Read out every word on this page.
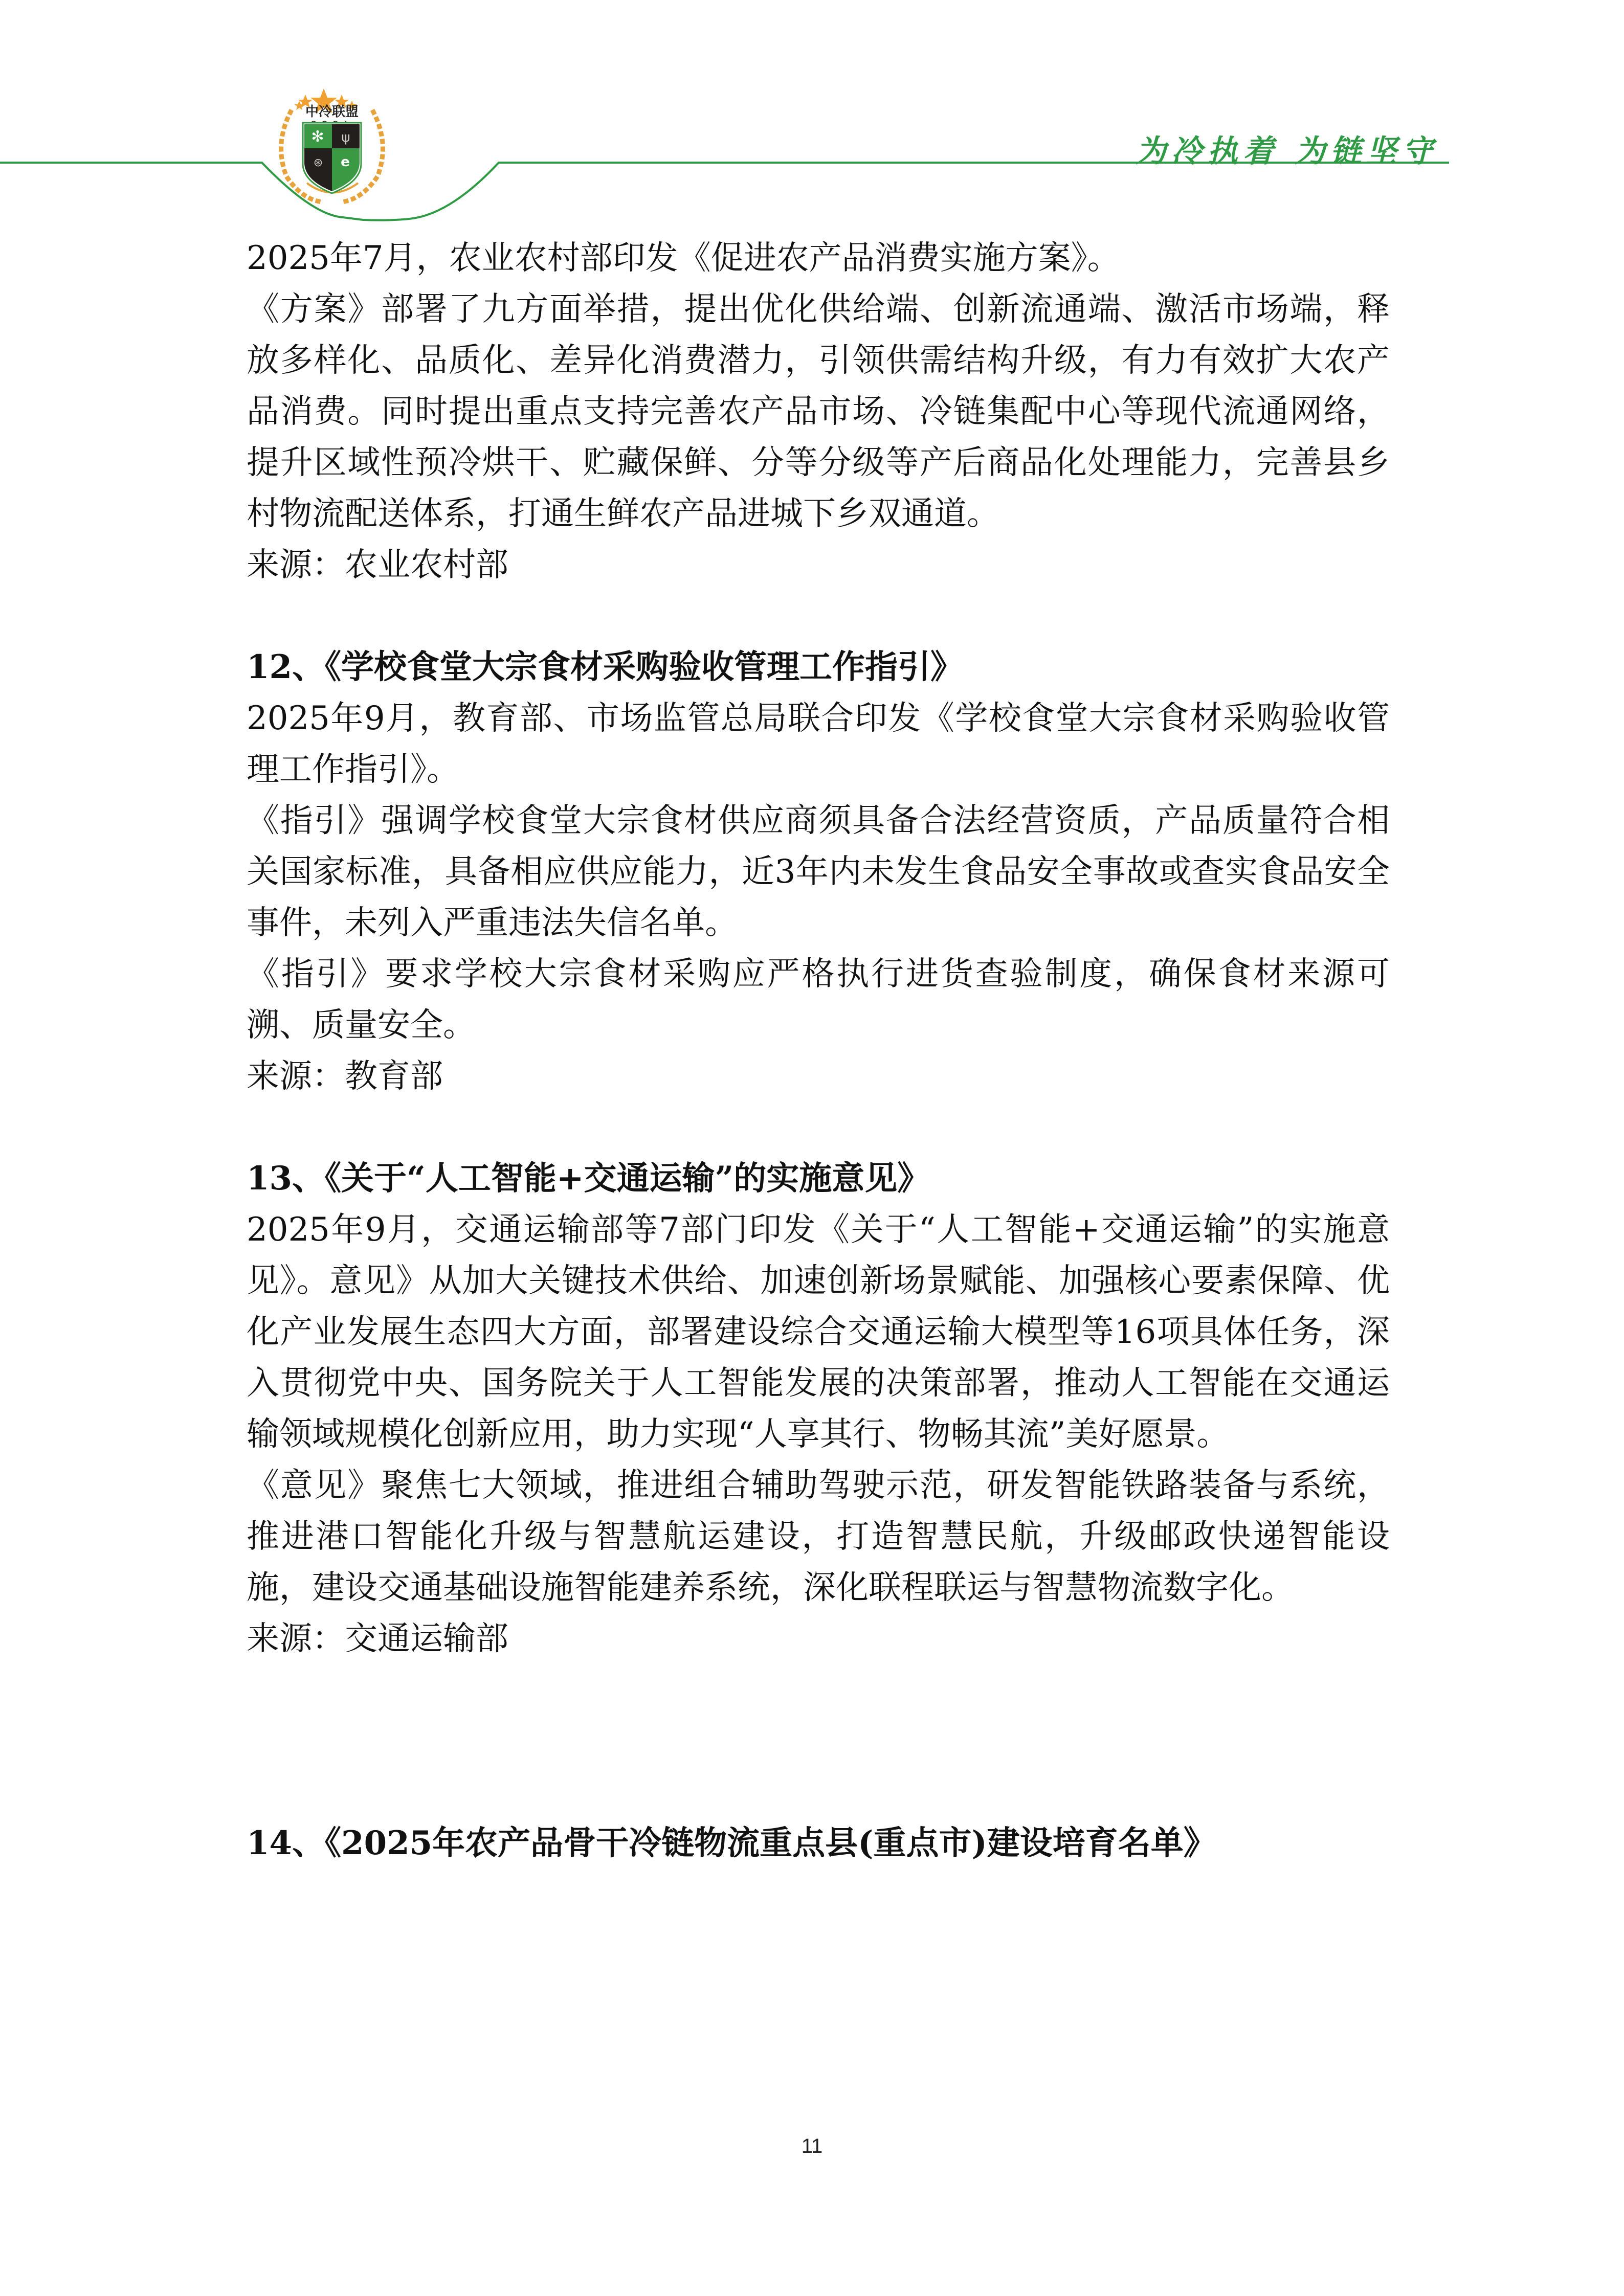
中冷联盟
✻ ψ
⊛ e	为冷执着 为链坚守

2025年7月，农业农村部印发《促进农产品消费实施方案》。

《方案》部署了九方面举措，提出优化供给端、创新流通端、激活市场端，释放多样化、品质化、差异化消费潜力，引领供需结构升级，有力有效扩大农产品消费。同时提出重点支持完善农产品市场、冷链集配中心等现代流通网络，提升区域性预冷烘干、贮藏保鲜、分等分级等产后商品化处理能力，完善县乡村物流配送体系，打通生鲜农产品进城下乡双通道。

来源：农业农村部

12、《学校食堂大宗食材采购验收管理工作指引》

2025年9月，教育部、市场监管总局联合印发《学校食堂大宗食材采购验收管理工作指引》。

《指引》强调学校食堂大宗食材供应商须具备合法经营资质，产品质量符合相关国家标准，具备相应供应能力，近3年内未发生食品安全事故或查实食品安全事件，未列入严重违法失信名单。

《指引》要求学校大宗食材采购应严格执行进货查验制度，确保食材来源可溯、质量安全。

来源：教育部

13、《关于“人工智能+交通运输”的实施意见》

2025年9月，交通运输部等7部门印发《关于“人工智能+交通运输”的实施意见》。意见》从加大关键技术供给、加速创新场景赋能、加强核心要素保障、优化产业发展生态四大方面，部署建设综合交通运输大模型等16项具体任务，深入贯彻党中央、国务院关于人工智能发展的决策部署，推动人工智能在交通运输领域规模化创新应用，助力实现“人享其行、物畅其流”美好愿景。

《意见》聚焦七大领域，推进组合辅助驾驶示范，研发智能铁路装备与系统，推进港口智能化升级与智慧航运建设，打造智慧民航，升级邮政快递智能设施，建设交通基础设施智能建养系统，深化联程联运与智慧物流数字化。

来源：交通运输部

14、《2025年农产品骨干冷链物流重点县(重点市)建设培育名单》

11
